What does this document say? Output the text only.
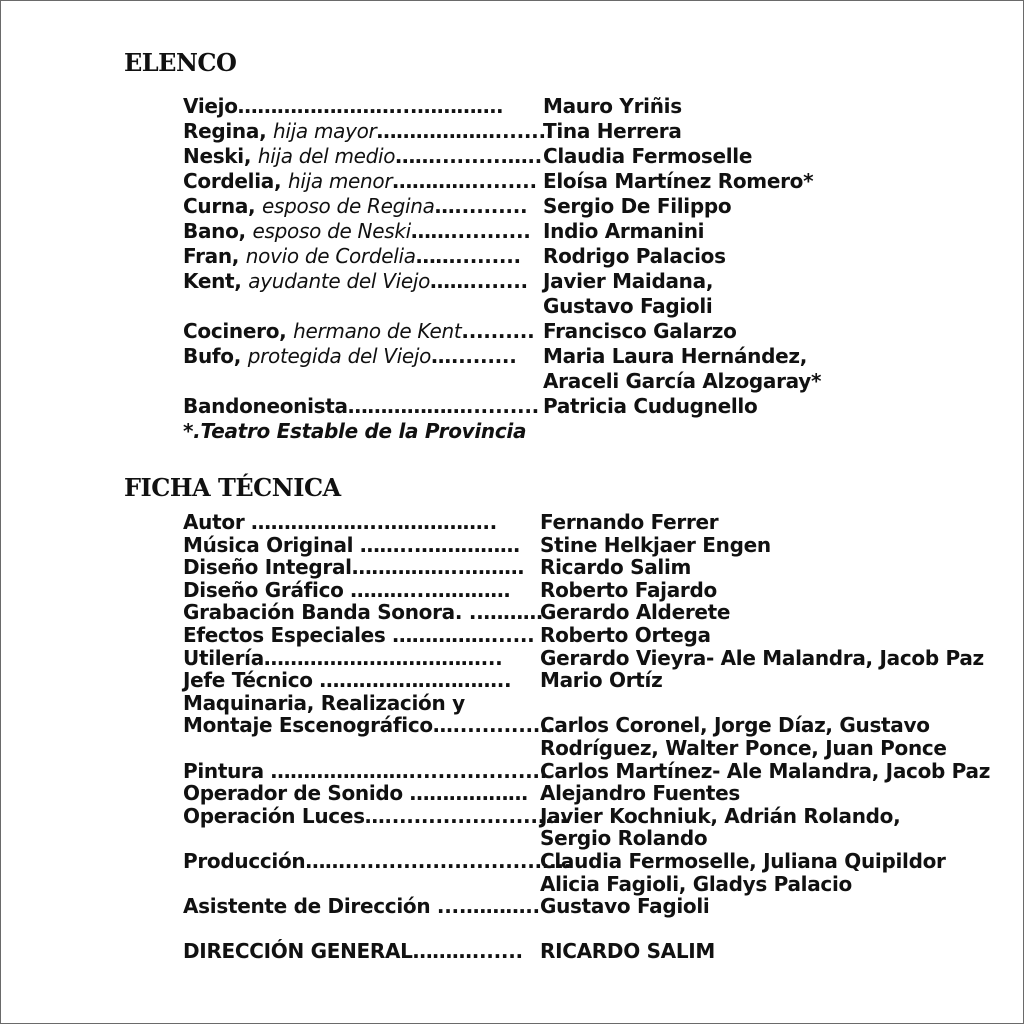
ELENCO
Viejo……………………...…………. Mauro Yriñis
Regina, hija mayor………………........
Tina Herrera
Neski, hija del medio……..........….. Claudia Fermoselle
Cordelia, hija menor…………......... Eloísa Martínez Romero*
Curna, esposo de Regina….......... Sergio De Filippo
Bano, esposo de Neski……........... Indio Armanini
Fran, novio de Cordelia……......... Rodrigo Palacios
Kent, ayudante del Viejo……........ Javier Maidana,
Gustavo Fagioli
Cocinero, hermano de Kent.......... Francisco Galarzo
Bufo, protegida del Viejo…......... Maria Laura Hernández,
Araceli García Alzogaray*
Bandoneonista……………….......... Patricia Cudugnello
*.Teatro Estable de la Provincia
FICHA TÉCNICA
Autor ………………..…………….. Fernando Ferrer
Música Original ……...…………… Stine Helkjaer Engen
Diseño Integral……………..……… Ricardo Salim
Diseño Gráfico ………...………… Roberto Fajardo
Grabación Banda Sonora. ..………
Gerardo Alderete
Efectos Especiales ……………...... Roberto Ortega
Utilería……………………………... Gerardo Vieyra- Ale Malandra, Jacob Paz
Jefe Técnico ……………………….. Mario Ortíz
Maquinaria, Realización y
Montaje Escenográfico…..............
Carlos Coronel, Jorge Díaz, Gustavo
Rodríguez, Walter Ponce, Juan Ponce
Pintura …………………...................
Carlos Martínez- Ale Malandra, Jacob Paz
Operador de Sonido ……………… Alejandro Fuentes
Operación Luces….........................
Javier Kochniuk, Adrián Rolando,
Sergio Rolando
Producción……...............................
Claudia Fermoselle, Juliana Quipildor
Alicia Fagioli, Gladys Palacio
Asistente de Dirección ....……….. Gustavo Fagioli
DIRECCIÓN GENERAL………....... RICARDO SALIM
